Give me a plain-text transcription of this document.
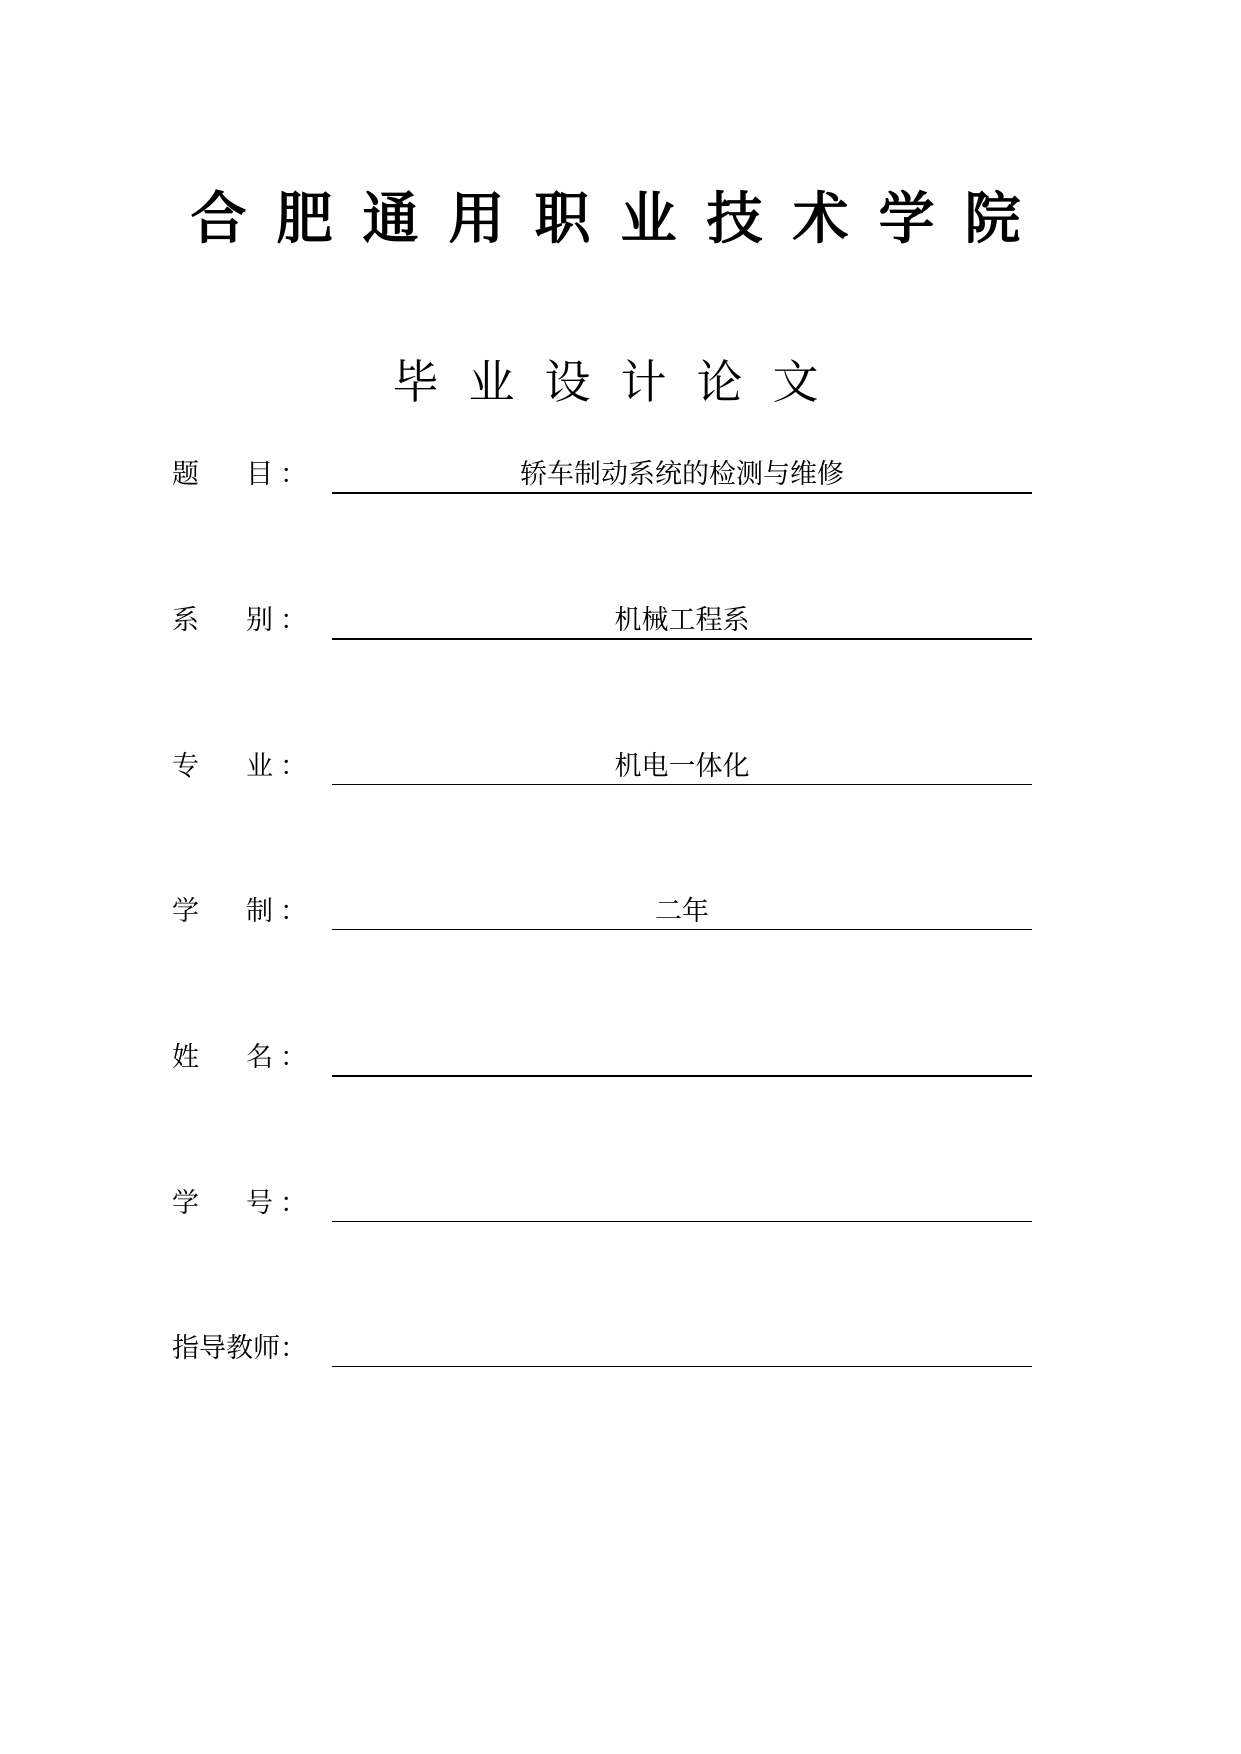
合肥通用职业技术学院
毕业设计论文
题 目 ：	轿车制动系统的检测与维修
系 别 ：	机械工程系
专 业 ：	机电一体化
学 制 ：	二年
姓 名 ：
学 号 ：
指导教师：
